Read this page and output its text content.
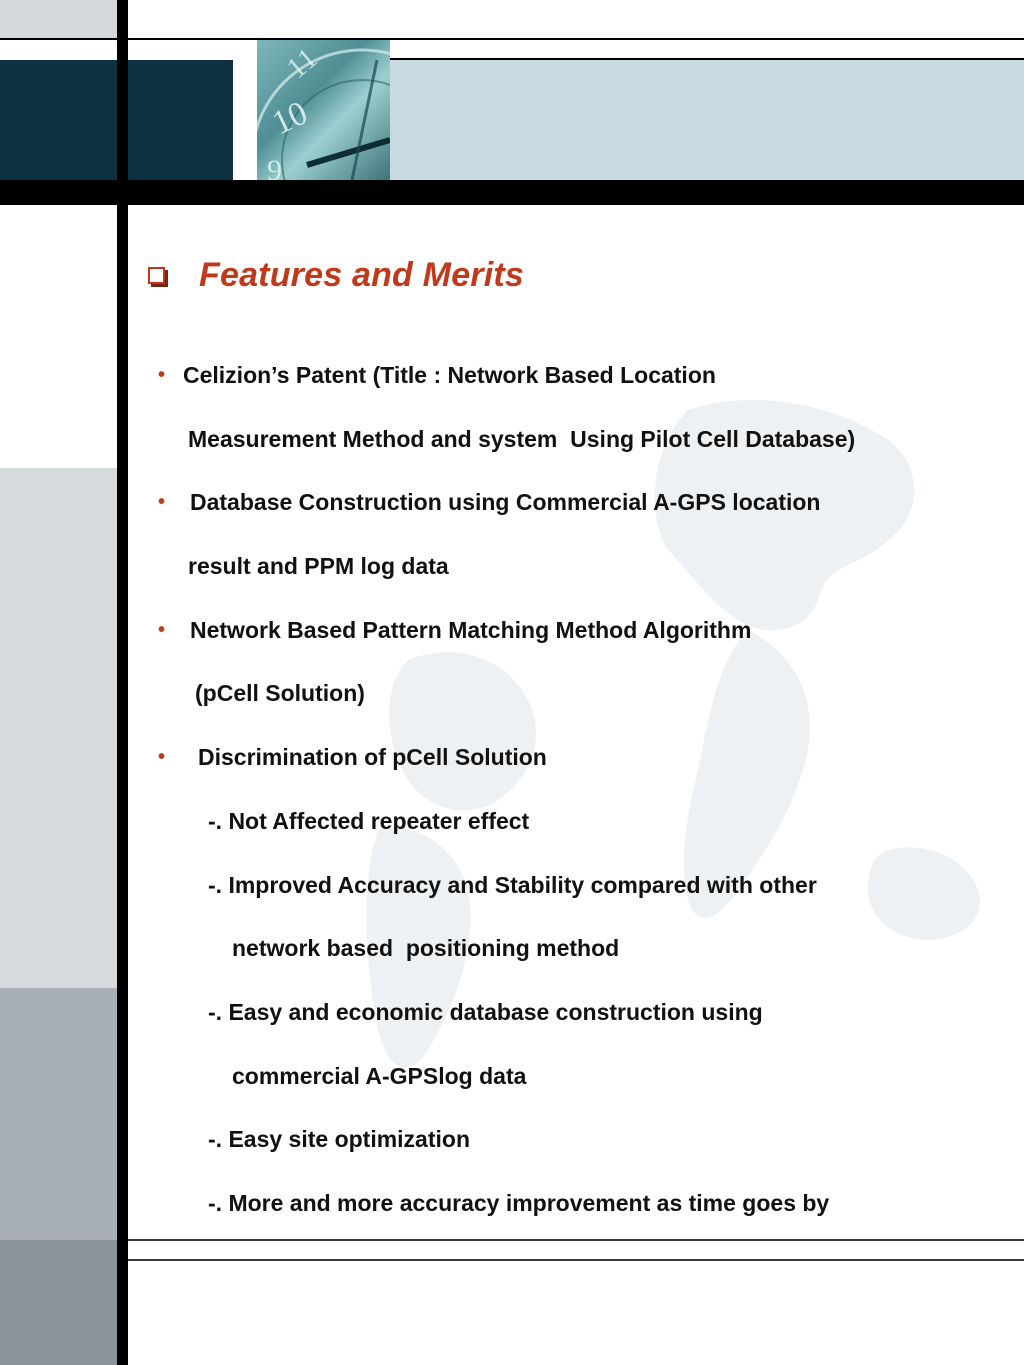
10
11
9
Features and Merits
• Celizion’s Patent (Title : Network Based Location
Measurement Method and system  Using Pilot Cell Database)
• Database Construction using Commercial A-GPS location
result and PPM log data
• Network Based Pattern Matching Method Algorithm
(pCell Solution)
• Discrimination of pCell Solution
-. Not Affected repeater effect
-. Improved Accuracy and Stability compared with other
network based  positioning method
-. Easy and economic database construction using
commercial A-GPSlog data
-. Easy site optimization
-. More and more accuracy improvement as time goes by
